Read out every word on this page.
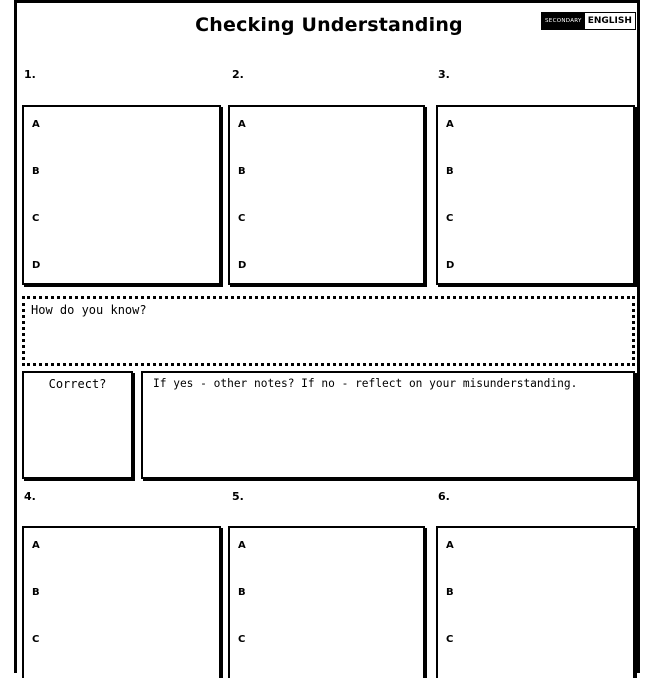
Checking Understanding	SECONDARY ENGLISH
1.	2.	3.
A
B
C
D
A
B
C
D
A
B
C
D
How do you know?
Correct?	If yes - other notes? If no - reflect on your misunderstanding.
4.	5.	6.
A
B
C
A
B
C
A
B
C
